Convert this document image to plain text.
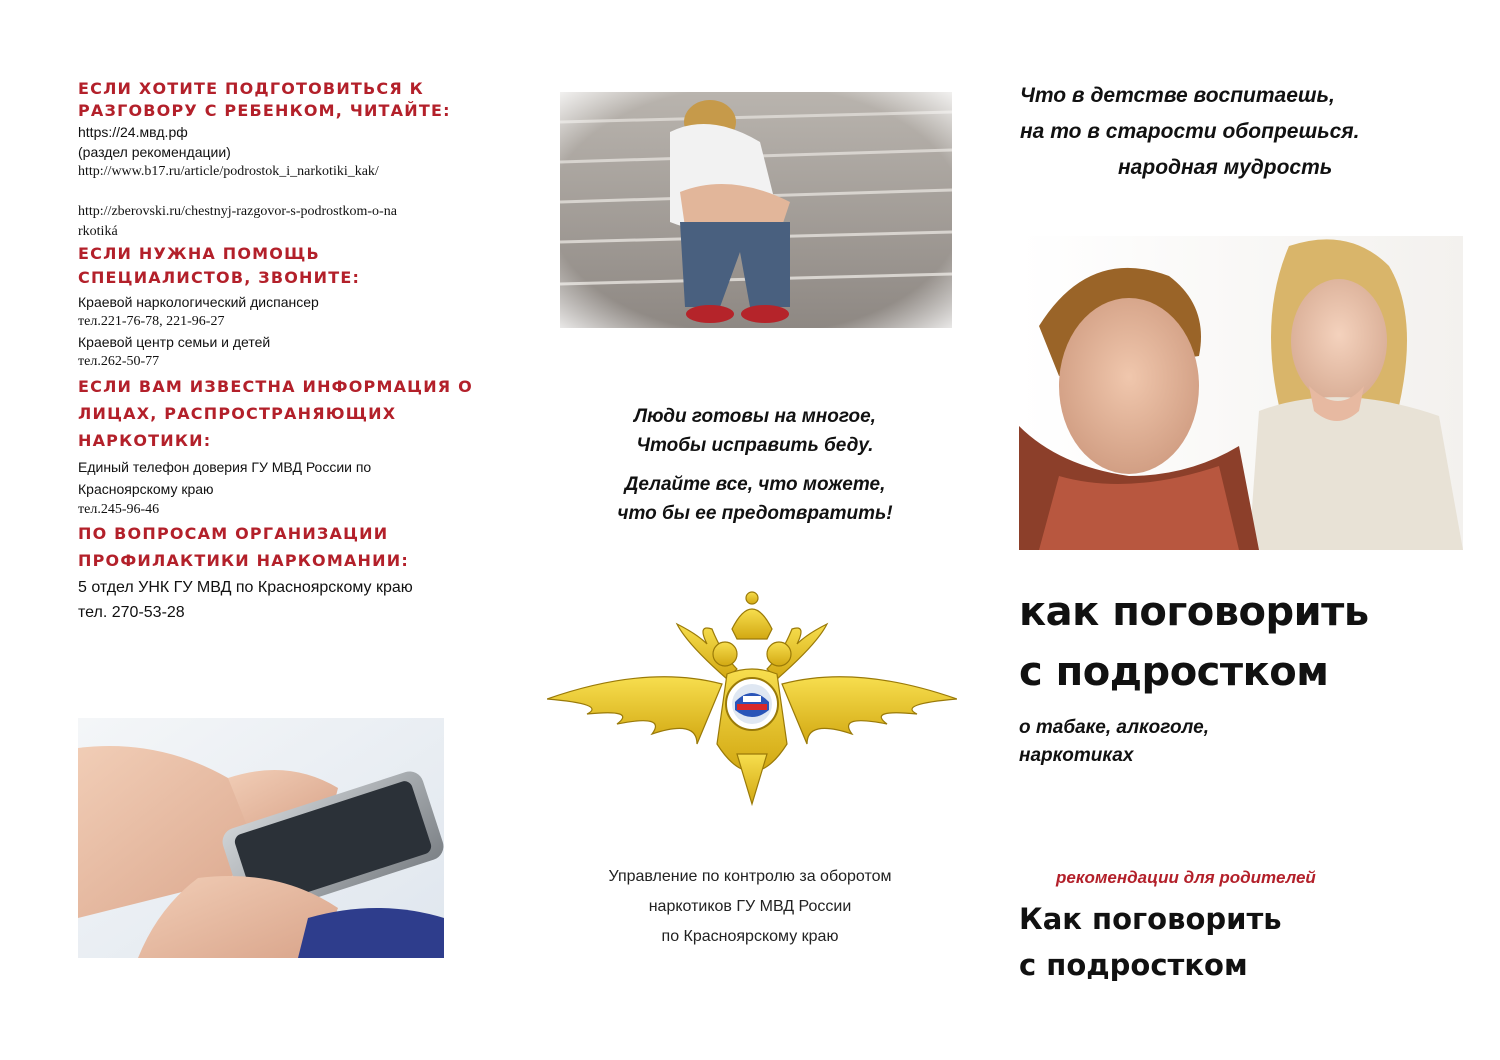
ЕСЛИ ХОТИТЕ ПОДГОТОВИТЬСЯ К РАЗГОВОРУ С РЕБЕНКОМ, ЧИТАЙТЕ:
https://24.мвд.рф
(раздел рекомендации)
http://www.b17.ru/article/podrostok_i_narkotiki_kak/
http://zberovski.ru/chestnyj-razgovor-s-podrostkom-o-na
rkotiká
ЕСЛИ НУЖНА ПОМОЩЬ СПЕЦИАЛИСТОВ, ЗВОНИТЕ:
Краевой наркологический диспансер
тел.221-76-78, 221-96-27
Краевой центр семьи и детей
тел.262-50-77
ЕСЛИ ВАМ ИЗВЕСТНА ИНФОРМАЦИЯ О ЛИЦАХ, РАСПРОСТРАНЯЮЩИХ НАРКОТИКИ:
Единый телефон доверия ГУ МВД России по
Красноярскому краю
тел.245-96-46
ПО ВОПРОСАМ ОРГАНИЗАЦИИ ПРОФИЛАКТИКИ НАРКОМАНИИ:
5 отдел УНК ГУ МВД по Красноярскому краю
тел. 270-53-28
Люди готовы на многое,
Чтобы исправить беду.
Делайте все, что можете,
что бы ее предотвратить!
Управление по контролю за оборотом
наркотиков ГУ МВД России
по Красноярскому краю
Что в детстве воспитаешь,
на то в старости обопрешься.
народная мудрость
как поговорить
с подростком
о табаке, алкоголе,
наркотиках
рекомендации для родителей
Как поговорить
с подростком
